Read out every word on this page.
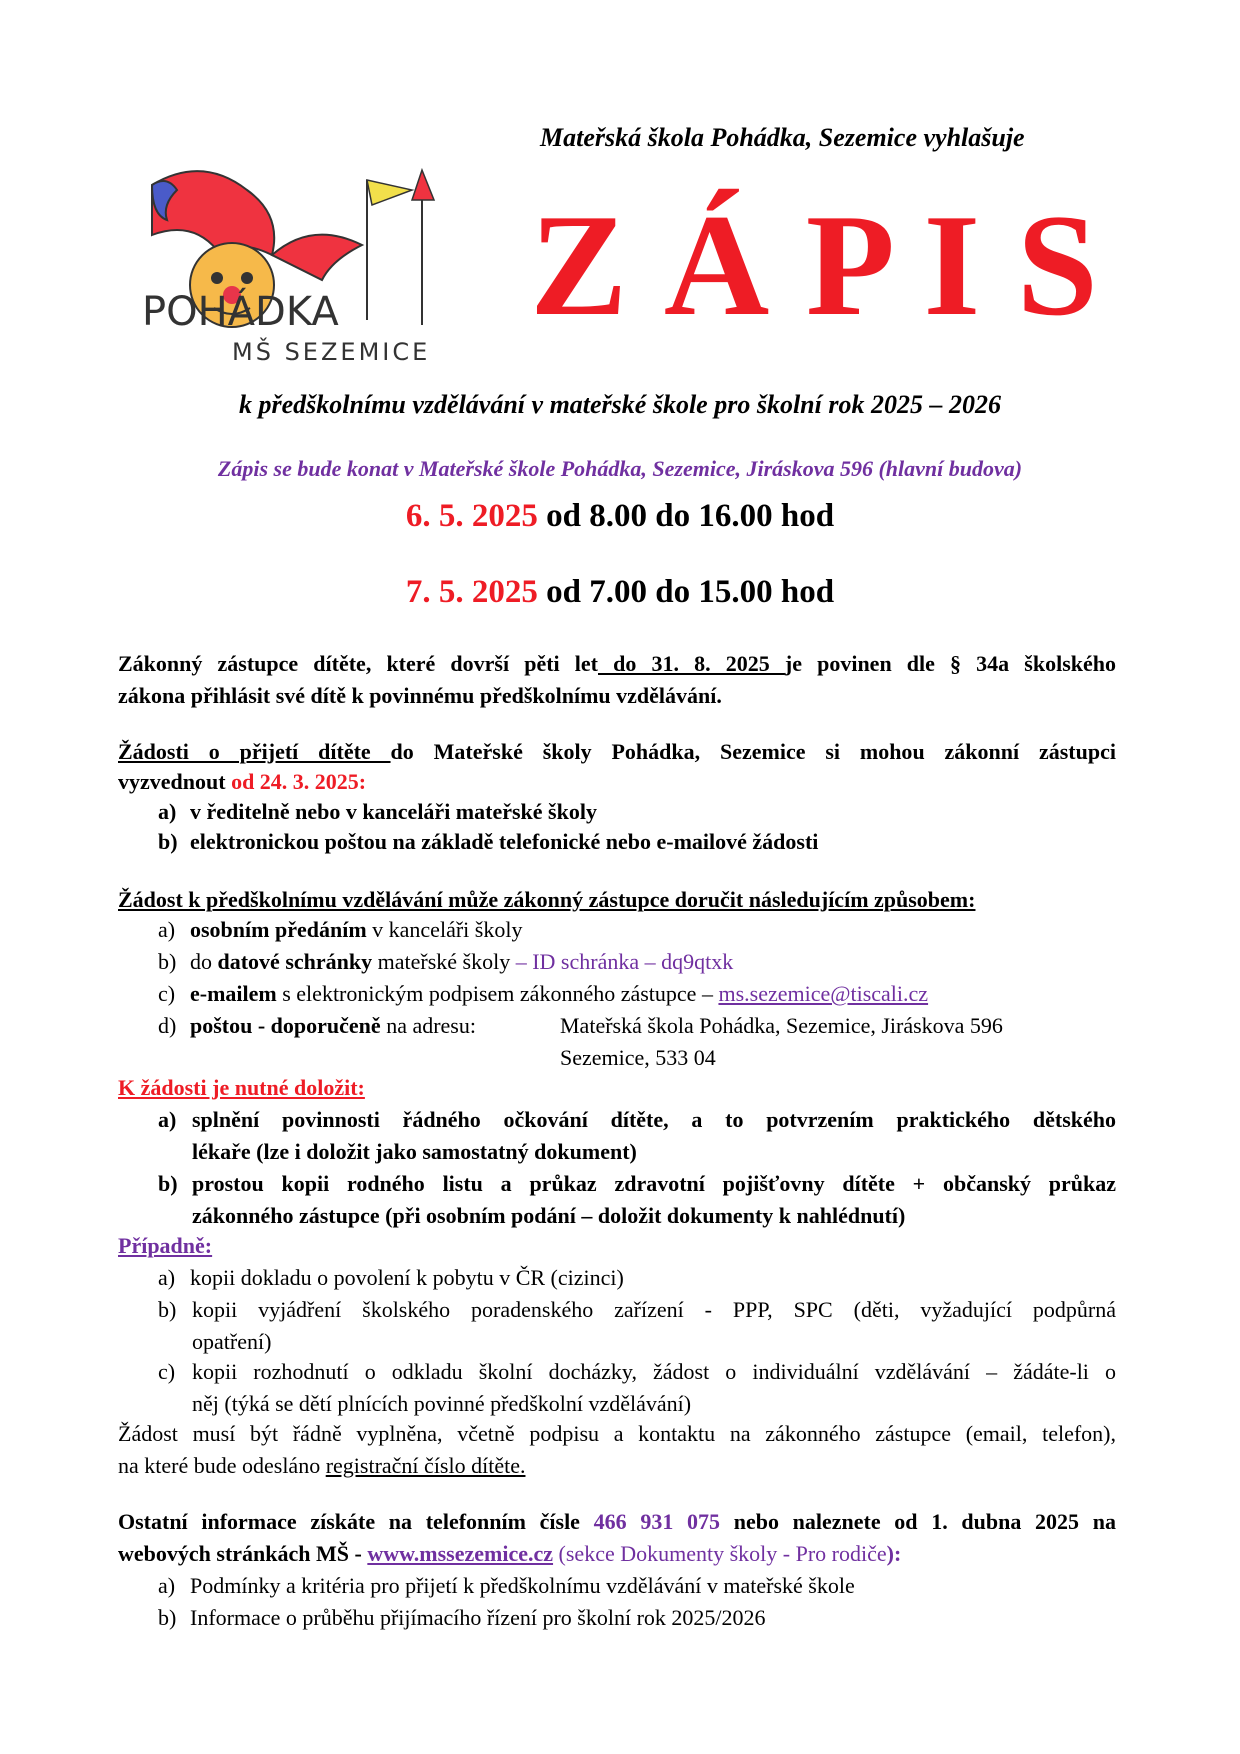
POHÁDKA
MŠ SEZEMICE
Mateřská škola Pohádka, Sezemice vyhlašuje
Z Á P I S
k předškolnímu vzdělávání v mateřské škole pro školní rok 2025 – 2026
Zápis se bude konat v Mateřské škole Pohádka, Sezemice, Jiráskova 596 (hlavní budova)
6. 5. 2025 od 8.00 do 16.00 hod
7. 5. 2025 od 7.00 do 15.00 hod
Zákonný zástupce dítěte, které dovrší pěti let do 31. 8. 2025 je povinen dle § 34a školského
zákona přihlásit své dítě k povinnému předškolnímu vzdělávání.
Žádosti o přijetí dítěte do Mateřské školy Pohádka, Sezemice si mohou zákonní zástupci
vyzvednout od 24. 3. 2025:
a) v ředitelně nebo v kanceláři mateřské školy
b) elektronickou poštou na základě telefonické nebo e-mailové žádosti
Žádost k předškolnímu vzdělávání může zákonný zástupce doručit následujícím způsobem:
a) osobním předáním v kanceláři školy
b) do datové schránky mateřské školy – ID schránka – dq9qtxk
c) e-mailem s elektronickým podpisem zákonného zástupce – ms.sezemice@tiscali.cz
d) poštou - doporučeně na adresu:	Mateřská škola Pohádka, Sezemice, Jiráskova 596
Sezemice, 533 04
K žádosti je nutné doložit:
a) splnění povinnosti řádného očkování dítěte, a to potvrzením praktického dětského
lékaře (lze i doložit jako samostatný dokument)
b) prostou kopii rodného listu a průkaz zdravotní pojišťovny dítěte + občanský průkaz
zákonného zástupce (při osobním podání – doložit dokumenty k nahlédnutí)
Případně:
a) kopii dokladu o povolení k pobytu v ČR (cizinci)
b) kopii vyjádření školského poradenského zařízení - PPP, SPC (děti, vyžadující podpůrná
opatření)
c) kopii rozhodnutí o odkladu školní docházky, žádost o individuální vzdělávání – žádáte-li o
něj (týká se dětí plnících povinné předškolní vzdělávání)
Žádost musí být řádně vyplněna, včetně podpisu a kontaktu na zákonného zástupce (email, telefon),
na které bude odesláno registrační číslo dítěte.
Ostatní informace získáte na telefonním čísle 466 931 075 nebo naleznete od 1. dubna 2025 na
webových stránkách MŠ - www.mssezemice.cz (sekce Dokumenty školy - Pro rodiče):
a) Podmínky a kritéria pro přijetí k předškolnímu vzdělávání v mateřské škole
b) Informace o průběhu přijímacího řízení pro školní rok 2025/2026
